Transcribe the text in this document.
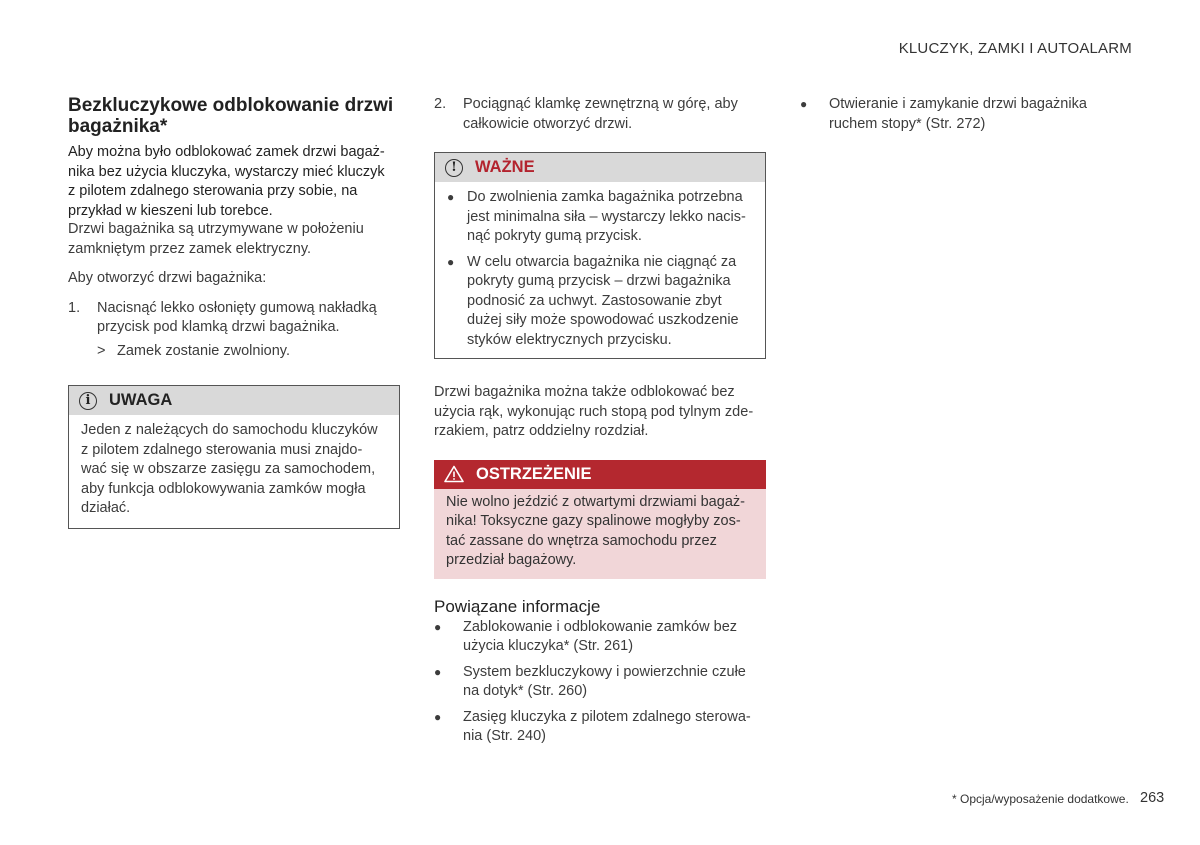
KLUCZYK, ZAMKI I AUTOALARM
Bezkluczykowe odblokowanie drzwi bagażnika*
Aby można było odblokować zamek drzwi bagaż-
nika bez użycia kluczyka, wystarczy mieć kluczyk
z pilotem zdalnego sterowania przy sobie, na
przykład w kieszeni lub torebce.
Drzwi bagażnika są utrzymywane w położeniu
zamkniętym przez zamek elektryczny.
Aby otworzyć drzwi bagażnika:
1.	Nacisnąć lekko osłonięty gumową nakładką
przycisk pod klamką drzwi bagażnika.
> Zamek zostanie zwolniony.
i	UWAGA
Jeden z należących do samochodu kluczyków
z pilotem zdalnego sterowania musi znajdo-
wać się w obszarze zasięgu za samochodem,
aby funkcja odblokowywania zamków mogła
działać.
2.	Pociągnąć klamkę zewnętrzną w górę, aby
całkowicie otworzyć drzwi.
!	WAŻNE
● Do zwolnienia zamka bagażnika potrzebna
jest minimalna siła – wystarczy lekko nacis-
nąć pokryty gumą przycisk.
● W celu otwarcia bagażnika nie ciągnąć za
pokryty gumą przycisk – drzwi bagażnika
podnosić za uchwyt. Zastosowanie zbyt
dużej siły może spowodować uszkodzenie
styków elektrycznych przycisku.
Drzwi bagażnika można także odblokować bez
użycia rąk, wykonując ruch stopą pod tylnym zde-
rzakiem, patrz oddzielny rozdział.
OSTRZEŻENIE
Nie wolno jeździć z otwartymi drzwiami bagaż-
nika! Toksyczne gazy spalinowe mogłyby zos-
tać zassane do wnętrza samochodu przez
przedział bagażowy.
Powiązane informacje
●	Zablokowanie i odblokowanie zamków bez
użycia kluczyka* (Str. 261)
●	System bezkluczykowy i powierzchnie czułe
na dotyk* (Str. 260)
●	Zasięg kluczyka z pilotem zdalnego sterowa-
nia (Str. 240)
●	Otwieranie i zamykanie drzwi bagażnika
ruchem stopy* (Str. 272)
* Opcja/wyposażenie dodatkowe. 263
